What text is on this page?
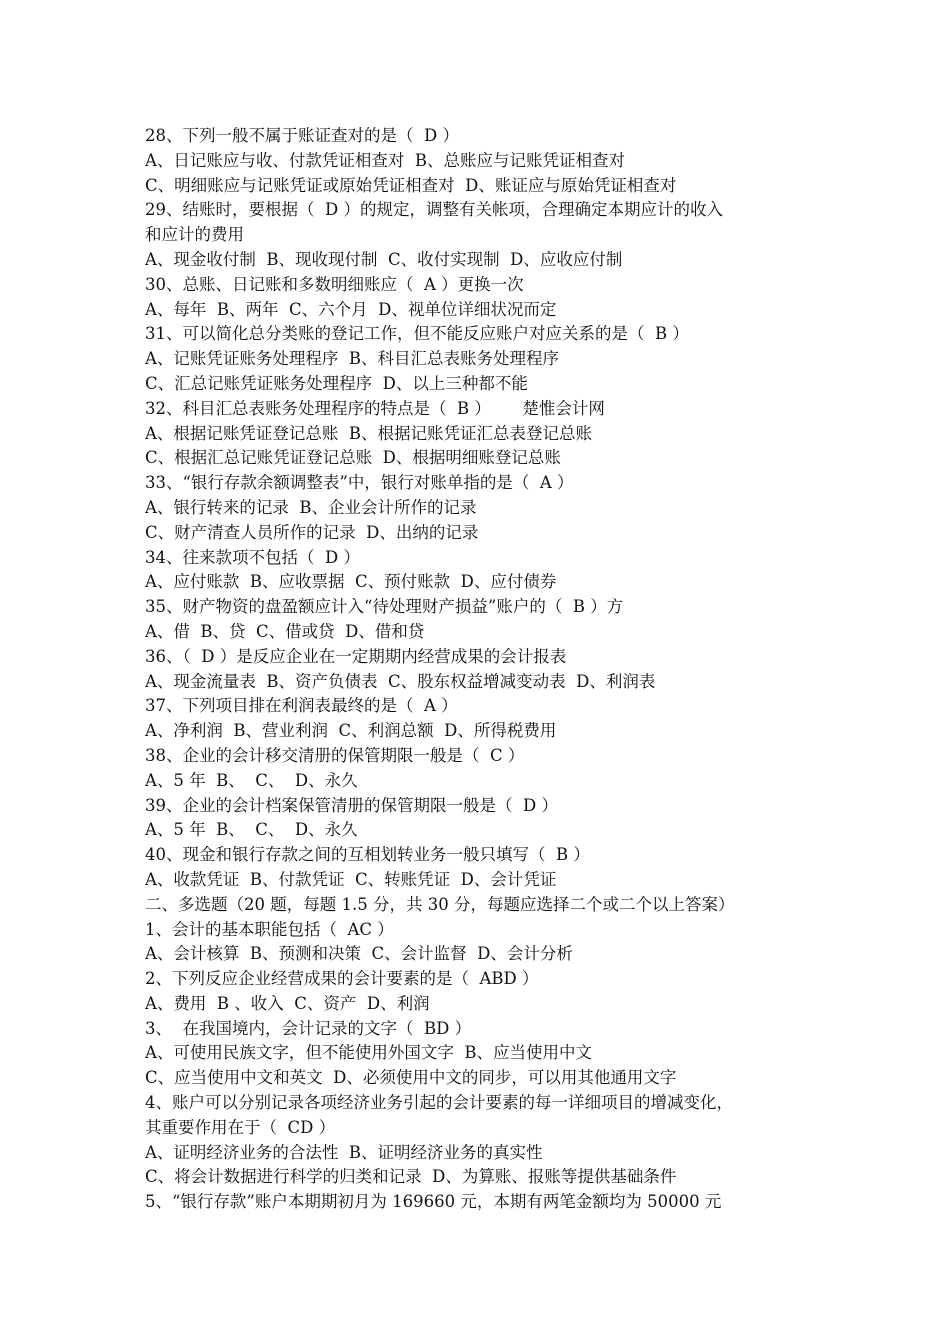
28、下列一般不属于账证查对的是（  D ）
A、日记账应与收、付款凭证相查对  B、总账应与记账凭证相查对
C、明细账应与记账凭证或原始凭证相查对  D、账证应与原始凭证相查对
29、结账时，要根据（  D ）的规定，调整有关帐项，合理确定本期应计的收入
和应计的费用
A、现金收付制  B、现收现付制  C、收付实现制  D、应收应付制
30、总账、日记账和多数明细账应（  A ）更换一次
A、每年  B、两年  C、六个月  D、视单位详细状况而定
31、可以简化总分类账的登记工作，但不能反应账户对应关系的是（  B ）
A、记账凭证账务处理程序  B、科目汇总表账务处理程序
C、汇总记账凭证账务处理程序  D、以上三种都不能
32、科目汇总表账务处理程序的特点是（  B ）      楚惟会计网
A、根据记账凭证登记总账  B、根据记账凭证汇总表登记总账
C、根据汇总记账凭证登记总账  D、根据明细账登记总账
33、“银行存款余额调整表”中，银行对账单指的是（  A ）
A、银行转来的记录  B、企业会计所作的记录
C、财产清查人员所作的记录  D、出纳的记录
34、往来款项不包括（  D ）
A、应付账款  B、应收票据  C、预付账款  D、应付债券
35、财产物资的盘盈额应计入“待处理财产损益”账户的（  B ）方
A、借  B、贷  C、借或贷  D、借和贷
36、（  D ）是反应企业在一定期期内经营成果的会计报表
A、现金流量表  B、资产负债表  C、股东权益增减变动表  D、利润表
37、下列项目排在利润表最终的是（  A ）
A、净利润  B、营业利润  C、利润总额  D、所得税费用
38、企业的会计移交清册的保管期限一般是（  C ）
A、5 年  B、  C、  D、永久
39、企业的会计档案保管清册的保管期限一般是（  D ）
A、5 年  B、  C、  D、永久
40、现金和银行存款之间的互相划转业务一般只填写（  B ）
A、收款凭证  B、付款凭证  C、转账凭证  D、会计凭证
二、多选题（20 题，每题 1.5 分，共 30 分，每题应选择二个或二个以上答案）
1、会计的基本职能包括（  AC ）
A、会计核算  B、预测和决策  C、会计监督  D、会计分析
2、下列反应企业经营成果的会计要素的是（  ABD ）
A、费用  B 、收入  C、资产  D、利润
3、  在我国境内，会计记录的文字（  BD ）
A、可使用民族文字，但不能使用外国文字  B、应当使用中文
C、应当使用中文和英文  D、必须使用中文的同步，可以用其他通用文字
4、账户可以分别记录各项经济业务引起的会计要素的每一详细项目的增减变化，
其重要作用在于（  CD ）
A、证明经济业务的合法性  B、证明经济业务的真实性
C、将会计数据进行科学的归类和记录  D、为算账、报账等提供基础条件
5、“银行存款”账户本期期初月为 169660 元，本期有两笔金额均为 50000 元
